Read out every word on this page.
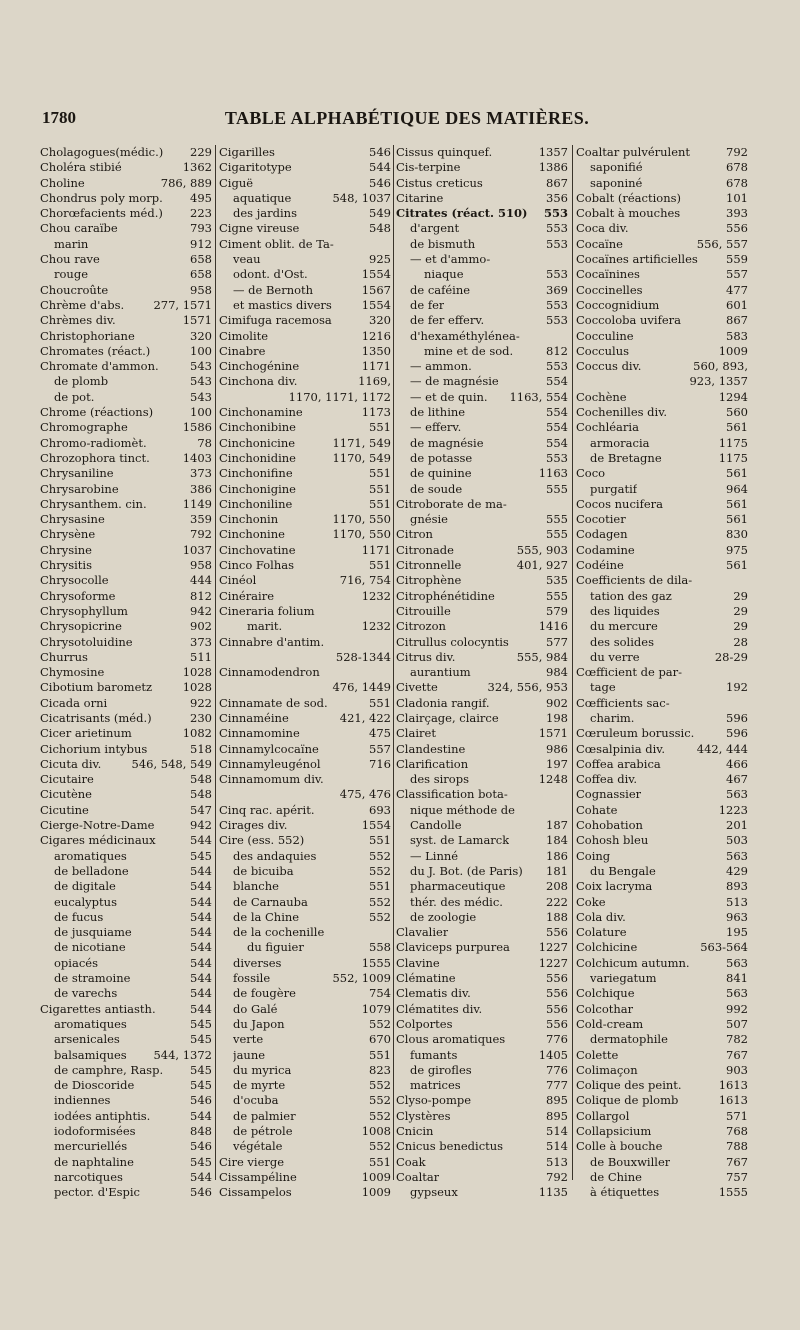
1780	TABLE ALPHABÉTIQUE DES MATIÈRES.
Cholagogues(médic.) 229
Choléra stibié	1362
Choline	786, 889
Chondrus poly morp. 495
Chorœfacients méd.) 223
Chou caraïbe	793
marin	912
Chou rave	658
rouge	658
Choucroûte	958
Chrème d'abs.	277, 1571
Chrèmes div.	1571
Christophoriane	320
Chromates (réact.)	100
Chromate d'ammon.	543
de plomb	543
de pot.	543
Chrome (réactions)	100
Chromographe	1586
Chromo-radiomèt.	78
Chrozophora tinct.	1403
Chrysaniline	373
Chrysarobine	386
Chrysanthem. cin.	1149
Chrysasine	359
Chrysène	792
Chrysine	1037
Chrysitis	958
Chrysocolle	444
Chrysoforme	812
Chrysophyllum	942
Chrysopicrine	902
Chrysotoluidine	373
Churrus	511
Chymosine	1028
Cibotium barometz	1028
Cicada orni	922
Cicatrisants (méd.)	230
Cicer arietinum	1082
Cichorium intybus	518
Cicuta div.	546, 548, 549
Cicutaire	548
Cicutène	548
Cicutine	547
Cierge-Notre-Dame	942
Cigares médicinaux	544
aromatiques	545
de belladone	544
de digitale	544
eucalyptus	544
de fucus	544
de jusquiame	544
de nicotiane	544
opiacés	544
de stramoine	544
de varechs	544
Cigarettes antiasth.	544
aromatiques	545
arsenicales	545
balsamiques 544, 1372
de camphre, Rasp. 545
de Dioscoride	545
indiennes	546
iodées antiphtis.	544
iodoformisées	848
mercuriellés	546
de naphtaline	545
narcotiques	544
pector. d'Espic	546
Cigarilles	546
Cigaritotype	544
Ciguë	546
aquatique	548, 1037
des jardins	549
Cigne vireuse	548
Ciment oblit. de Ta-
veau	925
odont. d'Ost.	1554
— de Bernoth	1567
et mastics divers	1554
Cimifuga racemosa	320
Cimolite	1216
Cinabre	1350
Cinchogénine	1171
Cinchona div.	1169,
1170, 1171, 1172
Cinchonamine	1173
Cinchonibine	551
Cinchonicine	1171, 549
Cinchonidine	1170, 549
Cinchonifine	551
Cinchonigine	551
Cinchoniline	551
Cinchonin	1170, 550
Cinchonine	1170, 550
Cinchovatine	1171
Cinco Folhas	551
Cinéol	716, 754
Cinéraire	1232
Cineraria folium
marit.	1232
Cinnabre d'antim.
528-1344
Cinnamodendron
476, 1449
Cinnamate de sod.	551
Cinnaméine	421, 422
Cinnamomine	475
Cinnamylcocaïne	557
Cinnamyleugénol	716
Cinnamomum div.
475, 476
Cinq rac. apérit.	693
Cirages div.	1554
Cire (ess. 552)	551
des andaquies	552
de bicuiba	552
blanche	551
de Carnauba	552
de la Chine	552
de la cochenille
du figuier	558
diverses	1555
fossile	552, 1009
de fougère	754
do Galé	1079
du Japon	552
verte	670
jaune	551
du myrica	823
de myrte	552
d'ocuba	552
de palmier	552
de pétrole	1008
végétale	552
Cire vierge	551
Cissampéline	1009
Cissampelos	1009
Cissus quinquef.	1357
Cis-terpine	1386
Cistus creticus	867
Citarine	356
Citrates (réact. 510) 553
d'argent	553
de bismuth	553
— et d'ammo-
niaque	553
de caféine	369
de fer	553
de fer efferv.	553
d'hexaméthylénea-
mine et de sod.	812
— ammon.	553
— de magnésie	554
— et de quin. 1163, 554
de lithine	554
— efferv.	554
de magnésie	554
de potasse	553
de quinine	1163
de soude	555
Citroborate de ma-
gnésie	555
Citron	555
Citronade	555, 903
Citronnelle	401, 927
Citrophène	535
Citrophénétidine	555
Citrouille	579
Citrozon	1416
Citrullus colocyntis	577
Citrus div.	555, 984
aurantium	984
Civette	324, 556, 953
Cladonia rangif.	902
Clairçage, clairce	198
Clairet	1571
Clandestine	986
Clarification	197
des sirops	1248
Classification bota-
nique méthode de
Candolle	187
syst. de Lamarck	184
— Linné	186
du J. Bot. (de Paris) 181
pharmaceutique	208
thér. des médic.	222
de zoologie	188
Clavalier	556
Claviceps purpurea	1227
Clavine	1227
Clématine	556
Clematis div.	556
Clématites div.	556
Colportes	556
Clous aromatiques	776
fumants	1405
de girofles	776
matrices	777
Clyso-pompe	895
Clystères	895
Cnicin	514
Cnicus benedictus	514
Coak	513
Coaltar	792
gypseux	1135
Coaltar pulvérulent	792
saponifié	678
saponiné	678
Cobalt (réactions)	101
Cobalt à mouches	393
Coca div.	556
Cocaïne	556, 557
Cocaïnes artificielles 559
Cocaïnines	557
Coccinelles	477
Coccognidium	601
Coccoloba uvifera	867
Cocculine	583
Cocculus	1009
Coccus div.	560, 893,
923, 1357
Cochène	1294
Cochenilles div.	560
Cochléaria	561
armoracia	1175
de Bretagne	1175
Coco	561
purgatif	964
Cocos nucifera	561
Cocotier	561
Codagen	830
Codamine	975
Codéine	561
Coefficients de dila-
tation des gaz	29
des liquides	29
du mercure	29
des solides	28
du verre	28-29
Cœfficient de par-
tage	192
Cœfficients sac-
charim.	596
Cœruleum borussic.	596
Cœsalpinia div.	442, 444
Coffea arabica	466
Coffea div.	467
Cognassier	563
Cohate	1223
Cohobation	201
Cohosh bleu	503
Coing	563
du Bengale	429
Coix lacryma	893
Coke	513
Cola div.	963
Colature	195
Colchicine	563-564
Colchicum autumn.	563
variegatum	841
Colchique	563
Colcothar	992
Cold-cream	507
dermatophile	782
Colette	767
Colimaçon	903
Colique des peint.	1613
Colique de plomb	1613
Collargol	571
Collapsicium	768
Colle à bouche	788
de Bouxwiller	767
de Chine	757
à étiquettes	1555
